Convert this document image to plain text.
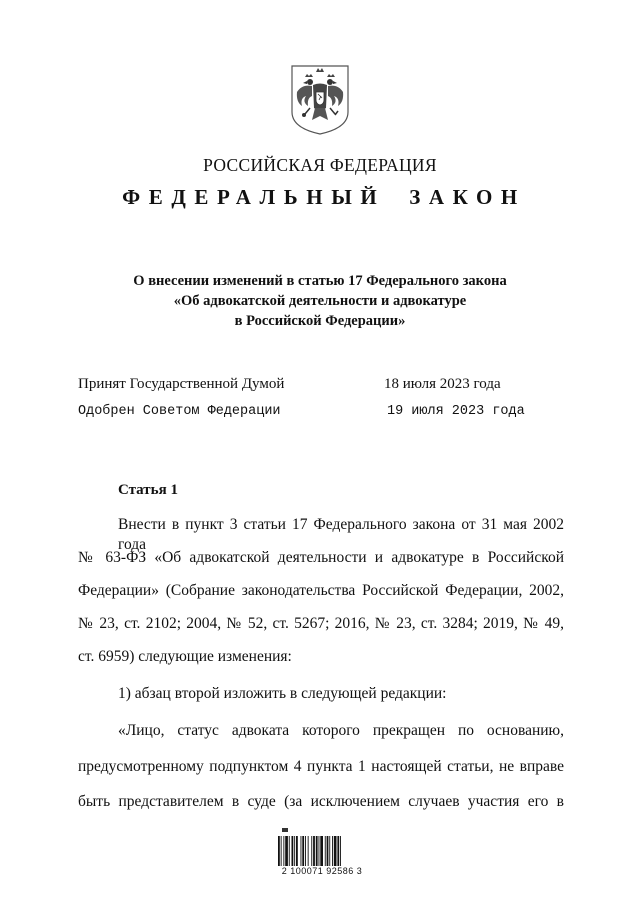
РОССИЙСКАЯ ФЕДЕРАЦИЯ
ФЕДЕРАЛЬНЫЙ ЗАКОН
О внесении изменений в статью 17 Федерального закона
«Об адвокатской деятельности и адвокатуре
в Российской Федерации»
Принят Государственной Думой	18 июля 2023 года
Одобрен Советом Федерации	19 июля 2023 года
Статья 1
Внести в пункт 3 статьи 17 Федерального закона от 31 мая 2002 года
№ 63-ФЗ «Об адвокатской деятельности и адвокатуре в Российской
Федерации» (Собрание законодательства Российской Федерации, 2002,
№ 23, ст. 2102; 2004, № 52, ст. 5267; 2016, № 23, ст. 3284; 2019, № 49,
ст. 6959) следующие изменения:
1) абзац второй изложить в следующей редакции:
«Лицо, статус адвоката которого прекращен по основанию,
предусмотренному подпунктом 4 пункта 1 настоящей статьи, не вправе
быть представителем в суде (за исключением случаев участия его в
2 100071 92586 3
